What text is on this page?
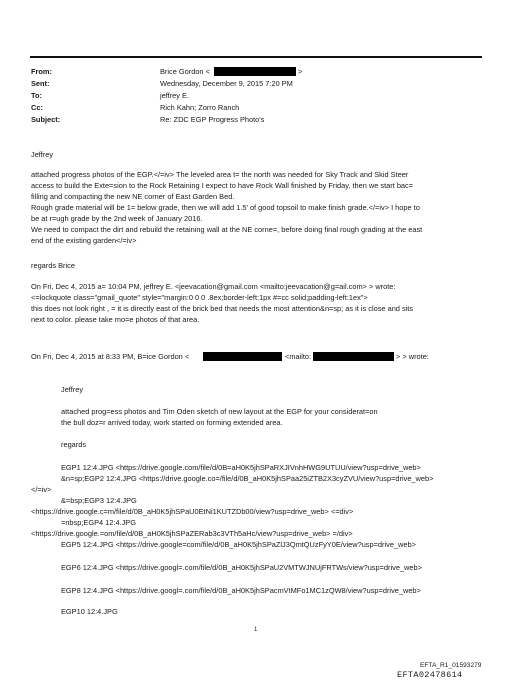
From:	Brice Gordon <	>
Sent:	Wednesday, December 9, 2015 7:20 PM
To:	jeffrey E.
Cc:	Rich Kahn; Zorro Ranch
Subject:	Re: ZDC EGP Progress Photo's
Jeffrey
attached progress photos of the EGP.</=iv> The leveled area t= the north was needed for Sky Track and Skid Steer
access to build the Exte=sion to the Rock Retaining I expect to have Rock Wall finished by Friday, then we start bac=
filling and compacting the new NE corner of East Garden Bed.
Rough grade material will be 1= below grade, then we will add 1.5' of good topsoil to make finish grade.</=iv> I hope to
be at r=ugh grade by the 2nd week of January 2016.
We need to compact the dirt and rebuild the retaining wall at the NE corne=, before doing final rough grading at the east
end of the existing garden</=iv>
regards Brice
On Fri, Dec 4, 2015 a= 10:04 PM, jeffrey E. <jeevacation@gmail.com <mailto:jeevacation@g=ail.com> > wrote:
<=lockquote class="gmail_quote" style="margin:0 0 0 .8ex;border-left:1px #=cc solid;padding-left:1ex">
this does not look right , = it is directly east of the brick bed that needs the most attention&n=sp; as it is close and sits
next to color. please take mo=e photos of that area.
On Fri, Dec 4, 2015 at 8:33 PM, B=ice Gordon <	<mailto:	> > wrote:
Jeffrey
attached prog=ess photos and Tim Oden sketch of new layout at the EGP for your considerat=on
the bull doz=r arrived today, work started on forming extended area.
regards
EGP1 12:4.JPG <https://drive.google.com/file/d/0B=aH0K5jhSPaRXJIVnhHWG9UTUU/view?usp=drive_web>
&n=sp;EGP2 12:4.JPG <https://drive.google.co=/file/d/0B_aH0K5jhSPaa25iZTB2X3cyZVU/view?usp=drive_web>
</=iv>
&=bsp;EGP3 12:4.JPG
<https://drive.google.c=m/file/d/0B_aH0K5jhSPaU0EtNi1KUTZDb00/view?usp=drive_web> <=div>
=nbsp;EGP4 12:4.JPG
<https://drive.google.=om/file/d/0B_aH0K5jhSPaZERab3c3VTh5aHc/view?usp=drive_web> =/div>
EGP5 12:4.JPG <https://drive.google=com/file/d/0B_aH0K5jhSPaZlJ3QmtQUzFyY0E/view?usp=drive_web>
EGP6 12:4.JPG <https://drive.googl=.com/file/d/0B_aH0K5jhSPaU2VMTWJNUjFRTWs/view?usp=drive_web>
EGP8 12:4.JPG <https://drive.googl=.com/file/d/0B_aH0K5jhSPacmVtMFo1MC1zQW8/view?usp=drive_web>
EGP10 12:4.JPG
1
EFTA_R1_01593279
EFTA02478614
